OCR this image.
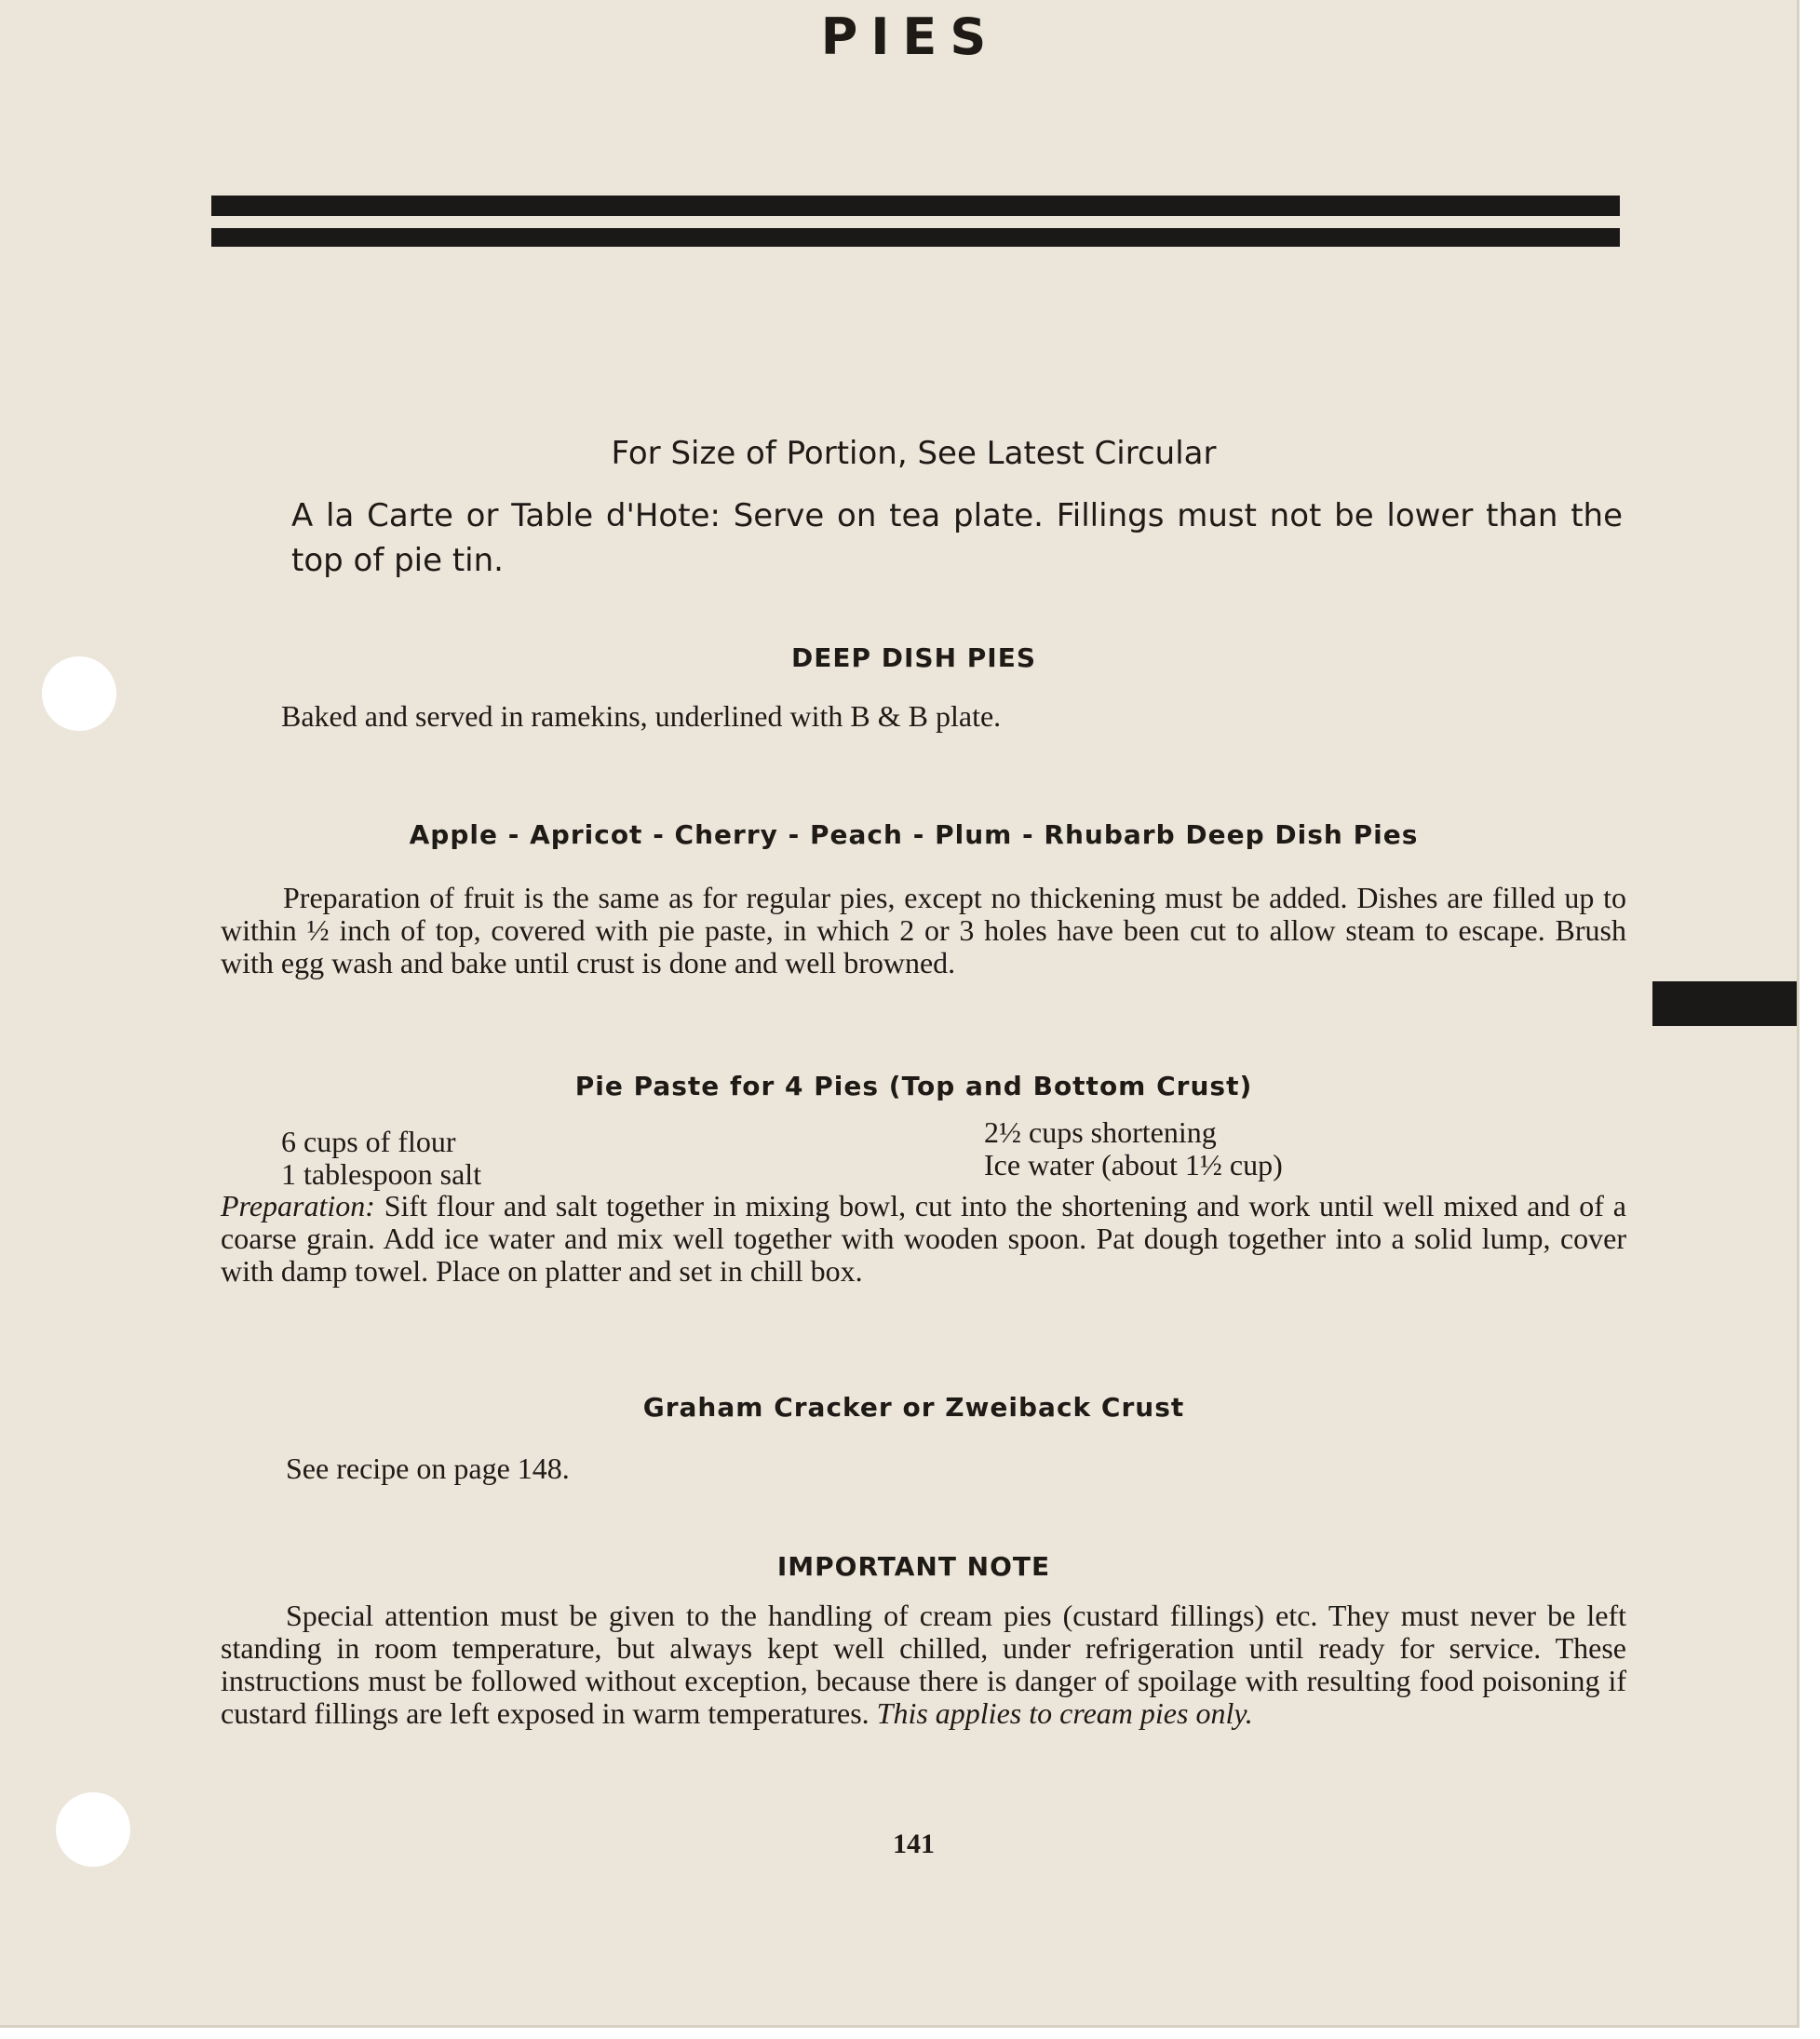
PIES
For Size of Portion, See Latest Circular
A la Carte or Table d'Hote: Serve on tea plate. Fillings must not be lower than the top of pie tin.
DEEP DISH PIES

Baked and served in ramekins, underlined with B & B plate.

Apple - Apricot - Cherry - Peach - Plum - Rhubarb Deep Dish Pies

Preparation of fruit is the same as for regular pies, except no thickening must be added. Dishes are filled up to within ½ inch of top, covered with pie paste, in which 2 or 3 holes have been cut to allow steam to escape. Brush with egg wash and bake until crust is done and well browned.

Pie Paste for 4 Pies (Top and Bottom Crust)
6 cups of flour
1 tablespoon salt
2½ cups shortening
Ice water (about 1½ cup)

Preparation: Sift flour and salt together in mixing bowl, cut into the shortening and work until well mixed and of a coarse grain. Add ice water and mix well together with wooden spoon. Pat dough together into a solid lump, cover with damp towel. Place on platter and set in chill box.

Graham Cracker or Zweiback Crust

See recipe on page 148.

IMPORTANT NOTE

Special attention must be given to the handling of cream pies (custard fillings) etc. They must never be left standing in room temperature, but always kept well chilled, under refrigeration until ready for service. These instructions must be followed without exception, because there is danger of spoilage with resulting food poisoning if custard fillings are left exposed in warm temperatures. This applies to cream pies only.

141
